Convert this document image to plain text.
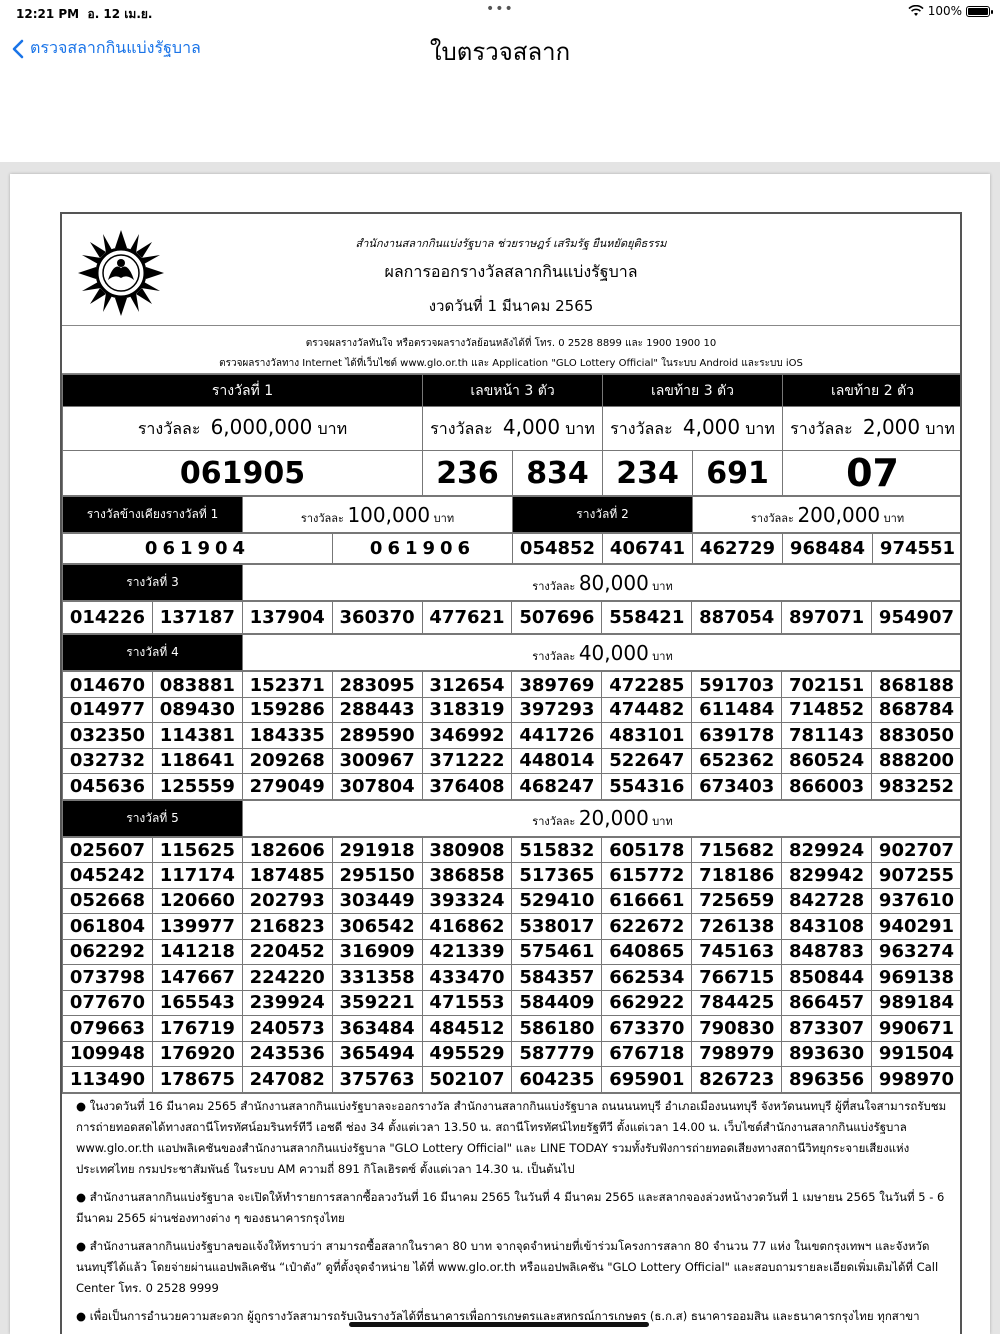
12:21 PM อ. 12 เม.ย.	•••	100%
ตรวจสลากกินแบ่งรัฐบาล	ใบตรวจสลาก
สำนักงานสลากกินแบ่งรัฐบาล ช่วยราษฎร์ เสริมรัฐ ยืนหยัดยุติธรรม
ผลการออกรางวัลสลากกินแบ่งรัฐบาล
งวดวันที่ 1 มีนาคม 2565
ตรวจผลรางวัลทันใจ หรือตรวจผลรางวัลย้อนหลังได้ที่ โทร. 0 2528 8899 และ 1900 1900 10
ตรวจผลรางวัลทาง Internet ได้ที่เว็บไซต์ www.glo.or.th และ Application "GLO Lottery Official" ในระบบ Android และระบบ iOS
รางวัลที่ 1	เลขหน้า 3 ตัว		เลขท้าย 3 ตัว		เลขท้าย 2 ตัว
รางวัลละ 6,000,000 บาท	รางวัลละ 4,000 บาท		รางวัลละ 4,000 บาท		รางวัลละ 2,000 บาท
061905	236	834	234	691	07
รางวัลข้างเคียงรางวัลที่ 1	รางวัลละ 100,000 บาท	รางวัลที่ 2	รางวัลละ 200,000 บาท
061904	061906	054852	406741	462729	968484	974551
รางวัลที่ 3	รางวัลละ 80,000 บาท
014226	137187	137904	360370	477621	507696	558421	887054	897071	954907
รางวัลที่ 4	รางวัลละ 40,000 บาท
014670	083881	152371	283095	312654	389769	472285	591703	702151	868188
014977	089430	159286	288443	318319	397293	474482	611484	714852	868784
032350	114381	184335	289590	346992	441726	483101	639178	781143	883050
032732	118641	209268	300967	371222	448014	522647	652362	860524	888200
045636	125559	279049	307804	376408	468247	554316	673403	866003	983252
รางวัลที่ 5	รางวัลละ 20,000 บาท
025607	115625	182606	291918	380908	515832	605178	715682	829924	902707
045242	117174	187485	295150	386858	517365	615772	718186	829942	907255
052668	120660	202793	303449	393324	529410	616661	725659	842728	937610
061804	139977	216823	306542	416862	538017	622672	726138	843108	940291
062292	141218	220452	316909	421339	575461	640865	745163	848783	963274
073798	147667	224220	331358	433470	584357	662534	766715	850844	969138
077670	165543	239924	359221	471553	584409	662922	784425	866457	989184
079663	176719	240573	363484	484512	586180	673370	790830	873307	990671
109948	176920	243536	365494	495529	587779	676718	798979	893630	991504
113490	178675	247082	375763	502107	604235	695901	826723	896356	998970

● ในงวดวันที่ 16 มีนาคม 2565 สำนักงานสลากกินแบ่งรัฐบาลจะออกรางวัล สำนักงานสลากกินแบ่งรัฐบาล ถนนนนทบุรี อำเภอเมืองนนทบุรี จังหวัดนนทบุรี ผู้ที่สนใจสามารถรับชมการถ่ายทอดสดได้ทางสถานีโทรทัศน์อมรินทร์ทีวี เอชดี ช่อง 34 ตั้งแต่เวลา 13.50 น. สถานีโทรทัศน์ไทยรัฐทีวี ตั้งแต่เวลา 14.00 น. เว็บไซต์สำนักงานสลากกินแบ่งรัฐบาล www.glo.or.th แอปพลิเคชันของสำนักงานสลากกินแบ่งรัฐบาล "GLO Lottery Official" และ LINE TODAY รวมทั้งรับฟังการถ่ายทอดเสียงทางสถานีวิทยุกระจายเสียงแห่งประเทศไทย กรมประชาสัมพันธ์ ในระบบ AM ความถี่ 891 กิโลเฮิรตซ์ ตั้งแต่เวลา 14.30 น. เป็นต้นไป

● สำนักงานสลากกินแบ่งรัฐบาล จะเปิดให้ทำรายการสลากซื้อลวงวันที่ 16 มีนาคม 2565 ในวันที่ 4 มีนาคม 2565 และสลากจองล่วงหน้างวดวันที่ 1 เมษายน 2565 ในวันที่ 5 - 6 มีนาคม 2565 ผ่านช่องทางต่าง ๆ ของธนาคารกรุงไทย

● สำนักงานสลากกินแบ่งรัฐบาลขอแจ้งให้ทราบว่า สามารถซื้อสลากในราคา 80 บาท จากจุดจำหน่ายที่เข้าร่วมโครงการสลาก 80 จำนวน 77 แห่ง ในเขตกรุงเทพฯ และจังหวัดนนทบุรีได้แล้ว โดยจ่ายผ่านแอปพลิเคชัน “เป๋าตัง” ดูที่ตั้งจุดจำหน่าย ได้ที่ www.glo.or.th หรือแอปพลิเคชัน "GLO Lottery Official" และสอบถามรายละเอียดเพิ่มเติมได้ที่ Call Center โทร. 0 2528 9999

● เพื่อเป็นการอำนวยความสะดวก ผู้ถูกรางวัลสามารถรับเงินรางวัลได้ที่ธนาคารเพื่อการเกษตรและสหกรณ์การเกษตร (ธ.ก.ส) ธนาคารออมสิน และธนาคารกรุงไทย ทุกสาขา
